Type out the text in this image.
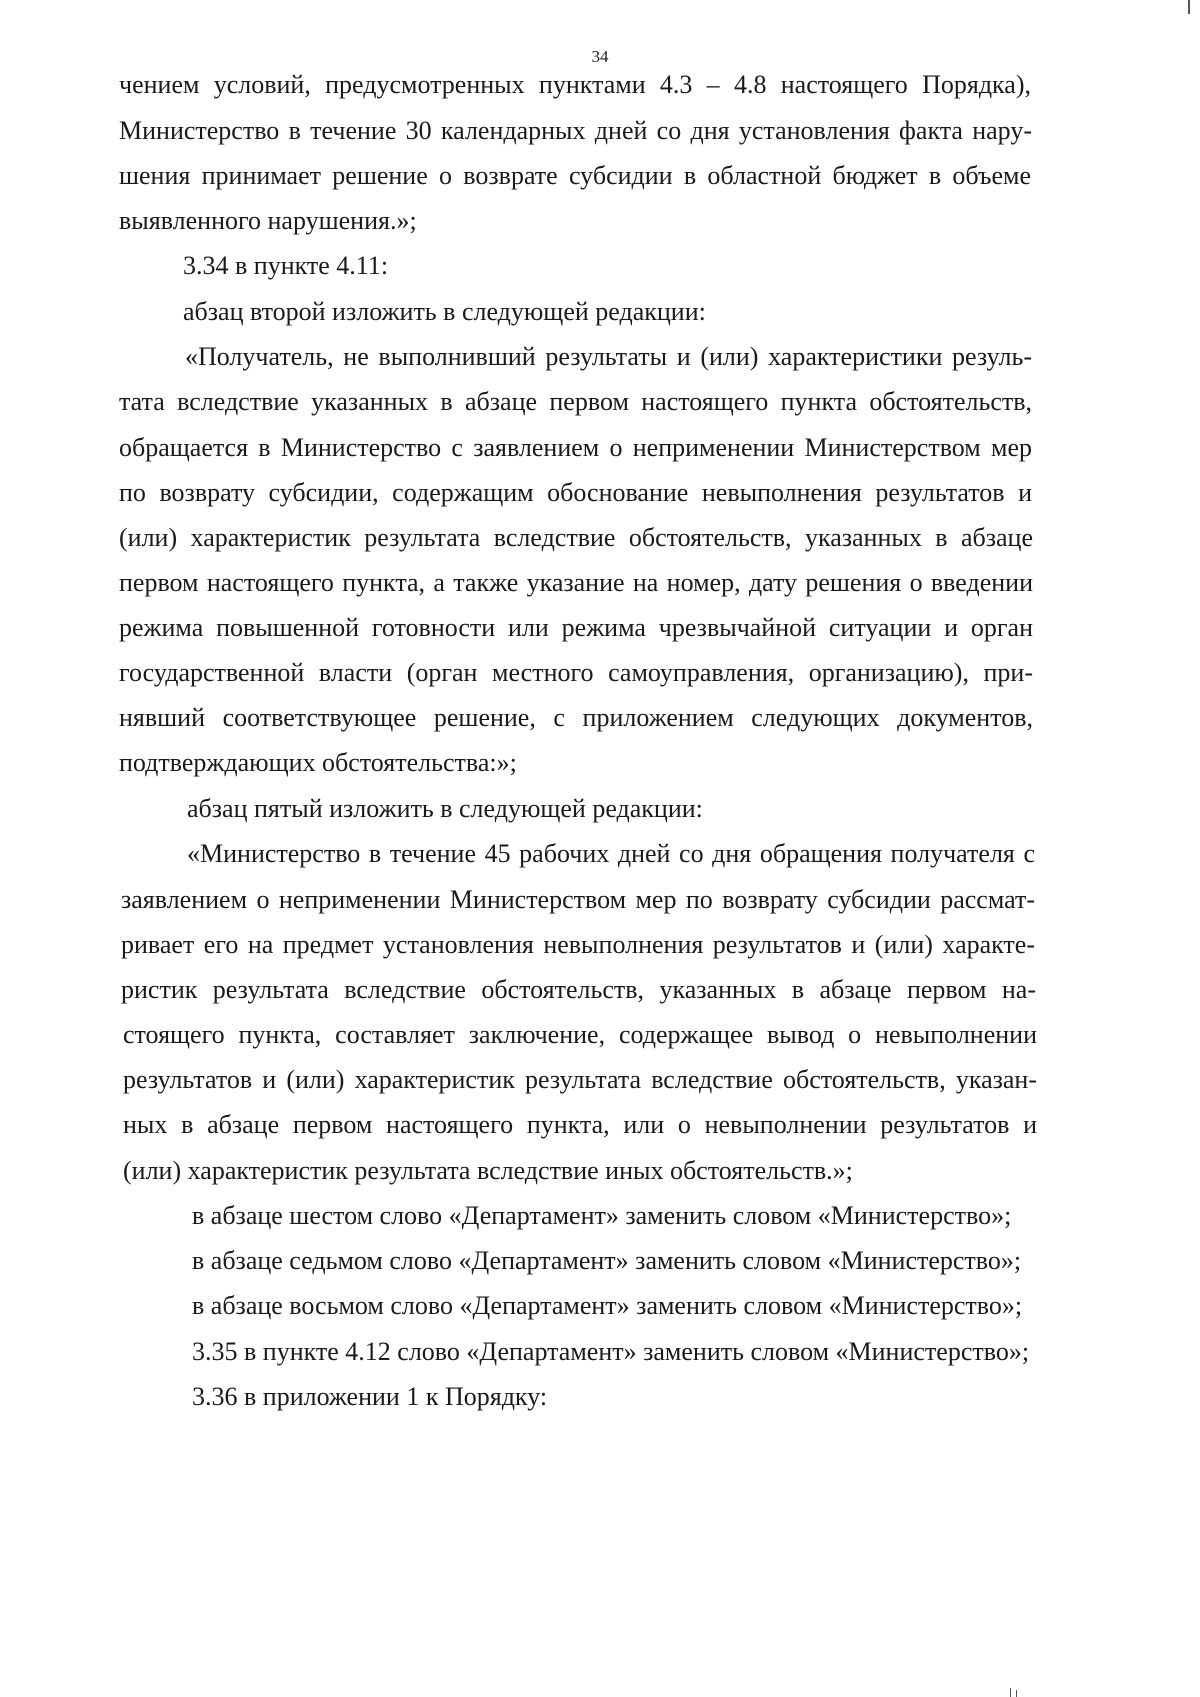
34
чением условий, предусмотренных пунктами 4.3 – 4.8 настоящего Порядка),
Министерство в течение 30 календарных дней со дня установления факта нару-
шения принимает решение о возврате субсидии в областной бюджет в объеме
выявленного нарушения.»;
3.34 в пункте 4.11:
абзац второй изложить в следующей редакции:
«Получатель, не выполнивший результаты и (или) характеристики резуль-
тата вследствие указанных в абзаце первом настоящего пункта обстоятельств,
обращается в Министерство с заявлением о неприменении Министерством мер
по возврату субсидии, содержащим обоснование невыполнения результатов и
(или) характеристик результата вследствие обстоятельств, указанных в абзаце
первом настоящего пункта, а также указание на номер, дату решения о введении
режима повышенной готовности или режима чрезвычайной ситуации и орган
государственной власти (орган местного самоуправления, организацию), при-
нявший соответствующее решение, с приложением следующих документов,
подтверждающих обстоятельства:»;
абзац пятый изложить в следующей редакции:
«Министерство в течение 45 рабочих дней со дня обращения получателя с
заявлением о неприменении Министерством мер по возврату субсидии рассмат-
ривает его на предмет установления невыполнения результатов и (или) характе-
ристик результата вследствие обстоятельств, указанных в абзаце первом на-
стоящего пункта, составляет заключение, содержащее вывод о невыполнении
результатов и (или) характеристик результата вследствие обстоятельств, указан-
ных в абзаце первом настоящего пункта, или о невыполнении результатов и
(или) характеристик результата вследствие иных обстоятельств.»;
в абзаце шестом слово «Департамент» заменить словом «Министерство»;
в абзаце седьмом слово «Департамент» заменить словом «Министерство»;
в абзаце восьмом слово «Департамент» заменить словом «Министерство»;
3.35 в пункте 4.12 слово «Департамент» заменить словом «Министерство»;
3.36 в приложении 1 к Порядку:
